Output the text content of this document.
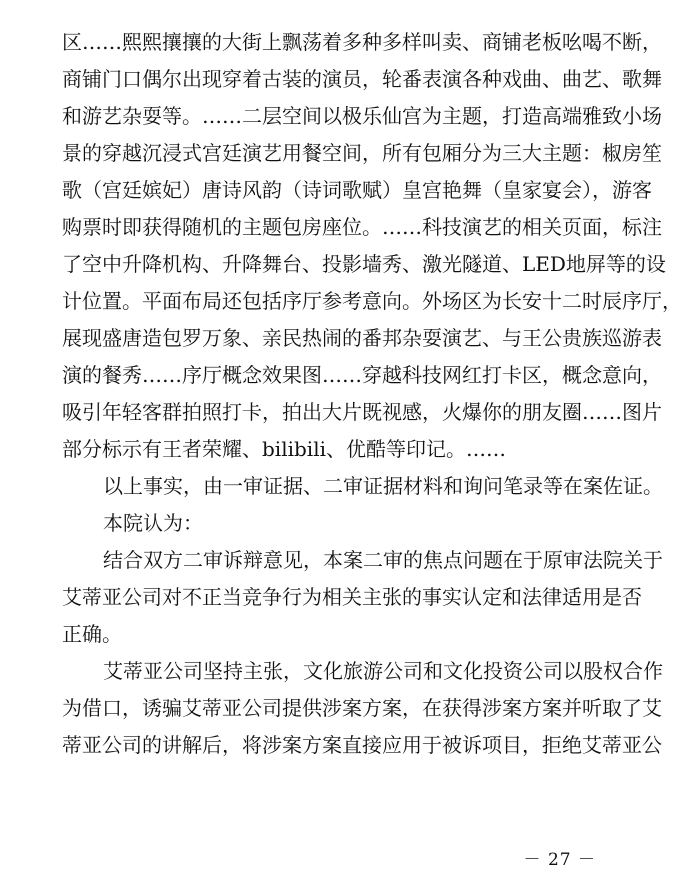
区……熙熙攘攘的大街上飘荡着多种多样叫卖、商铺老板吆喝不断，
商铺门口偶尔出现穿着古装的演员，轮番表演各种戏曲、曲艺、歌舞
和游艺杂耍等。……二层空间以极乐仙宫为主题，打造高端雅致小场
景的穿越沉浸式宫廷演艺用餐空间，所有包厢分为三大主题：椒房笙
歌（宫廷嫔妃）唐诗风韵（诗词歌赋）皇宫艳舞（皇家宴会），游客
购票时即获得随机的主题包房座位。……科技演艺的相关页面，标注
了空中升降机构、升降舞台、投影墙秀、激光隧道、LED地屏等的设
计位置。平面布局还包括序厅参考意向。外场区为长安十二时辰序厅，
展现盛唐造包罗万象、亲民热闹的番邦杂耍演艺、与王公贵族巡游表
演的餐秀……序厅概念效果图……穿越科技网红打卡区，概念意向，
吸引年轻客群拍照打卡，拍出大片既视感，火爆你的朋友圈……图片
部分标示有王者荣耀、bilibili、优酷等印记。……
以上事实，由一审证据、二审证据材料和询问笔录等在案佐证。
本院认为：
结合双方二审诉辩意见，本案二审的焦点问题在于原审法院关于
艾蒂亚公司对不正当竞争行为相关主张的事实认定和法律适用是否
正确。
艾蒂亚公司坚持主张，文化旅游公司和文化投资公司以股权合作
为借口，诱骗艾蒂亚公司提供涉案方案，在获得涉案方案并听取了艾
蒂亚公司的讲解后，将涉案方案直接应用于被诉项目，拒绝艾蒂亚公
－ 27 －
